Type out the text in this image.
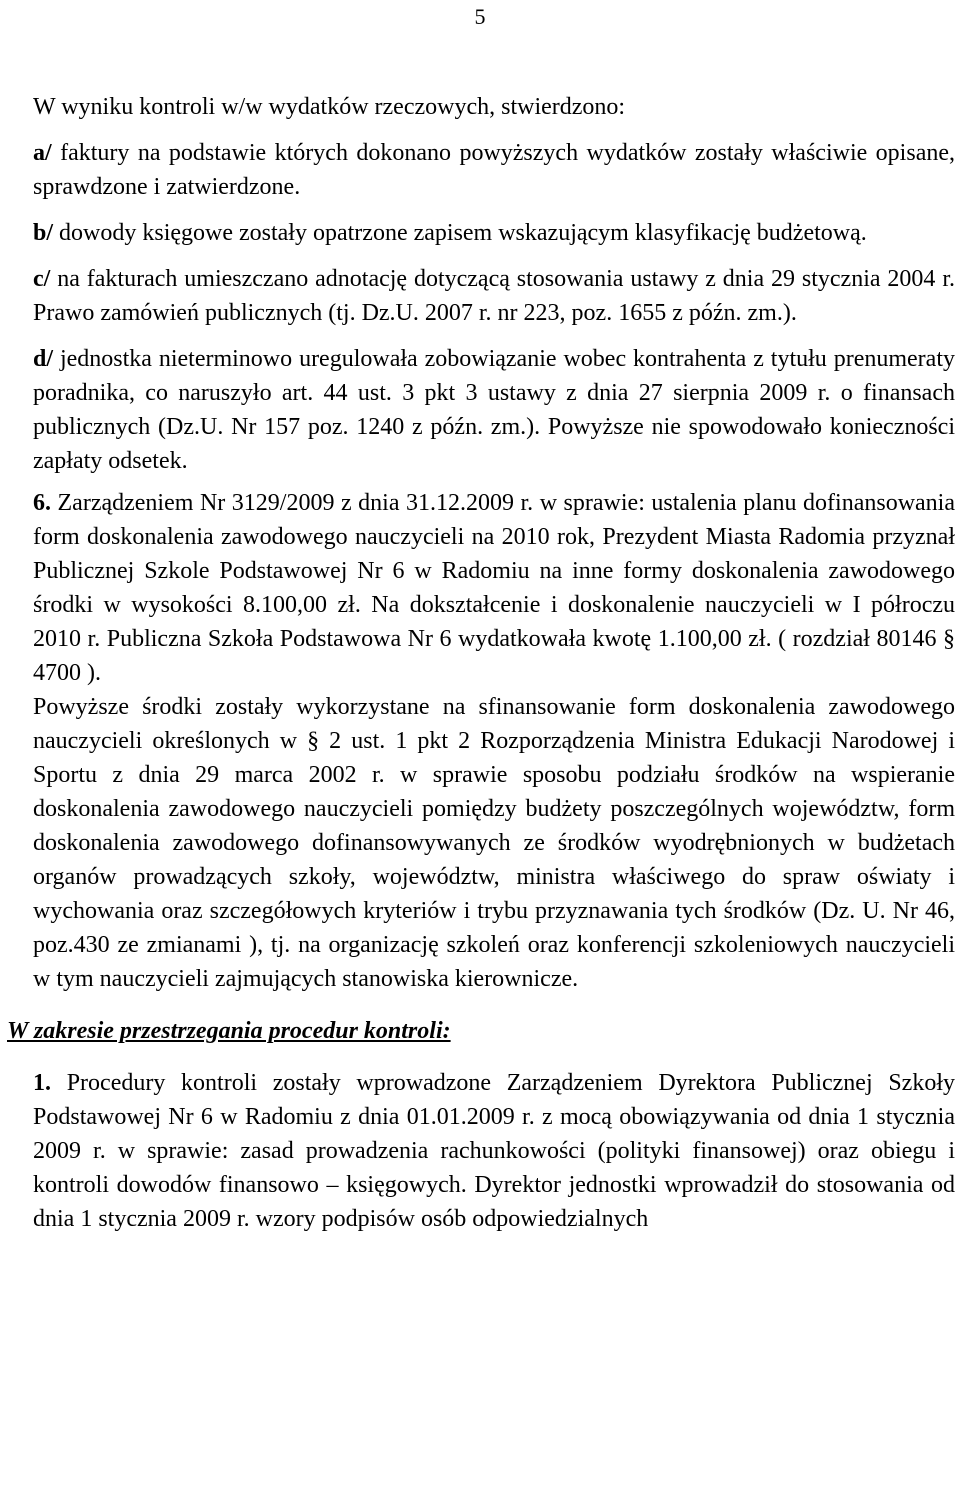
5

W wyniku kontroli w/w wydatków rzeczowych, stwierdzono:

a/ faktury na podstawie których dokonano powyższych wydatków zostały właściwie opisane, sprawdzone i zatwierdzone.

b/ dowody księgowe zostały opatrzone zapisem wskazującym klasyfikację budżetową.

c/ na fakturach umieszczano adnotację dotyczącą stosowania ustawy z dnia 29 stycznia 2004 r. Prawo zamówień publicznych (tj. Dz.U. 2007 r. nr 223, poz. 1655 z późn. zm.).

d/ jednostka nieterminowo uregulowała zobowiązanie wobec kontrahenta z tytułu prenumeraty poradnika, co naruszyło art. 44 ust. 3 pkt 3 ustawy z dnia 27 sierpnia 2009 r. o finansach publicznych (Dz.U. Nr 157 poz. 1240 z późn. zm.). Powyższe nie spowodowało konieczności zapłaty odsetek.

6. Zarządzeniem Nr 3129/2009 z dnia 31.12.2009 r. w sprawie: ustalenia planu dofinansowania form doskonalenia zawodowego nauczycieli na 2010 rok, Prezydent Miasta Radomia przyznał Publicznej Szkole Podstawowej Nr 6 w Radomiu na inne formy doskonalenia zawodowego środki w wysokości 8.100,00 zł. Na dokształcenie i doskonalenie nauczycieli w I półroczu 2010 r. Publiczna Szkoła Podstawowa Nr 6 wydatkowała kwotę 1.100,00 zł. ( rozdział 80146 § 4700 ).

Powyższe środki zostały wykorzystane na sfinansowanie form doskonalenia zawodowego nauczycieli określonych w § 2 ust. 1 pkt 2 Rozporządzenia Ministra Edukacji Narodowej i Sportu z dnia 29 marca 2002 r. w sprawie sposobu podziału środków na wspieranie doskonalenia zawodowego nauczycieli pomiędzy budżety poszczególnych województw, form doskonalenia zawodowego dofinansowywanych ze środków wyodrębnionych w budżetach organów prowadzących szkoły, województw, ministra właściwego do spraw oświaty i wychowania oraz szczegółowych kryteriów i trybu przyznawania tych środków (Dz. U. Nr 46, poz.430 ze zmianami ), tj. na organizację szkoleń oraz konferencji szkoleniowych nauczycieli w tym nauczycieli zajmujących stanowiska kierownicze.

W zakresie przestrzegania procedur kontroli:

1. Procedury kontroli zostały wprowadzone Zarządzeniem Dyrektora Publicznej Szkoły Podstawowej Nr 6 w Radomiu z dnia 01.01.2009 r. z mocą obowiązywania od dnia 1 stycznia 2009 r. w sprawie: zasad prowadzenia rachunkowości (polityki finansowej) oraz obiegu i kontroli dowodów finansowo – księgowych. Dyrektor jednostki wprowadził do stosowania od dnia 1 stycznia 2009 r. wzory podpisów osób odpowiedzialnych
